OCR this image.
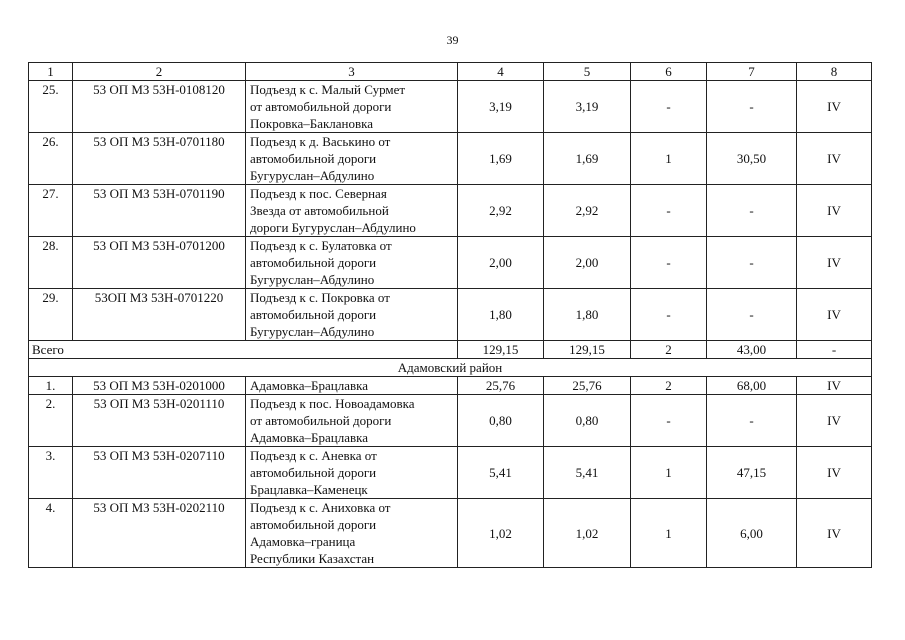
39
1	2	3	4	5	6	7	8
25.	53 ОП МЗ 53Н-0108120	Подъезд к с. Малый Сурмет
от автомобильной дороги
Покровка–Баклановка	3,19	3,19	-	-	IV
26.	53 ОП МЗ 53Н-0701180	Подъезд к д. Васькино от
автомобильной дороги
Бугуруслан–Абдулино	1,69	1,69	1	30,50	IV
27.	53 ОП МЗ 53Н-0701190	Подъезд к пос. Северная
Звезда от автомобильной
дороги Бугуруслан–Абдулино	2,92	2,92	-	-	IV
28.	53 ОП МЗ 53Н-0701200	Подъезд к с. Булатовка от
автомобильной дороги
Бугуруслан–Абдулино	2,00	2,00	-	-	IV
29.	53ОП МЗ 53Н-0701220	Подъезд к с. Покровка от
автомобильной дороги
Бугуруслан–Абдулино	1,80	1,80	-	-	IV
Всего			129,15	129,15	2	43,00	-
Адамовский район							
1.	53 ОП МЗ 53Н-0201000	Адамовка–Брацлавка	25,76	25,76	2	68,00	IV
2.	53 ОП МЗ 53Н-0201110	Подъезд к пос. Новоадамовка
от автомобильной дороги
Адамовка–Брацлавка	0,80	0,80	-	-	IV
3.	53 ОП МЗ 53Н-0207110	Подъезд к с. Аневка от
автомобильной дороги
Брацлавка–Каменецк	5,41	5,41	1	47,15	IV
4.	53 ОП МЗ 53Н-0202110	Подъезд к с. Аниховка от
автомобильной дороги
Адамовка–граница
Республики Казахстан	1,02	1,02	1	6,00	IV
